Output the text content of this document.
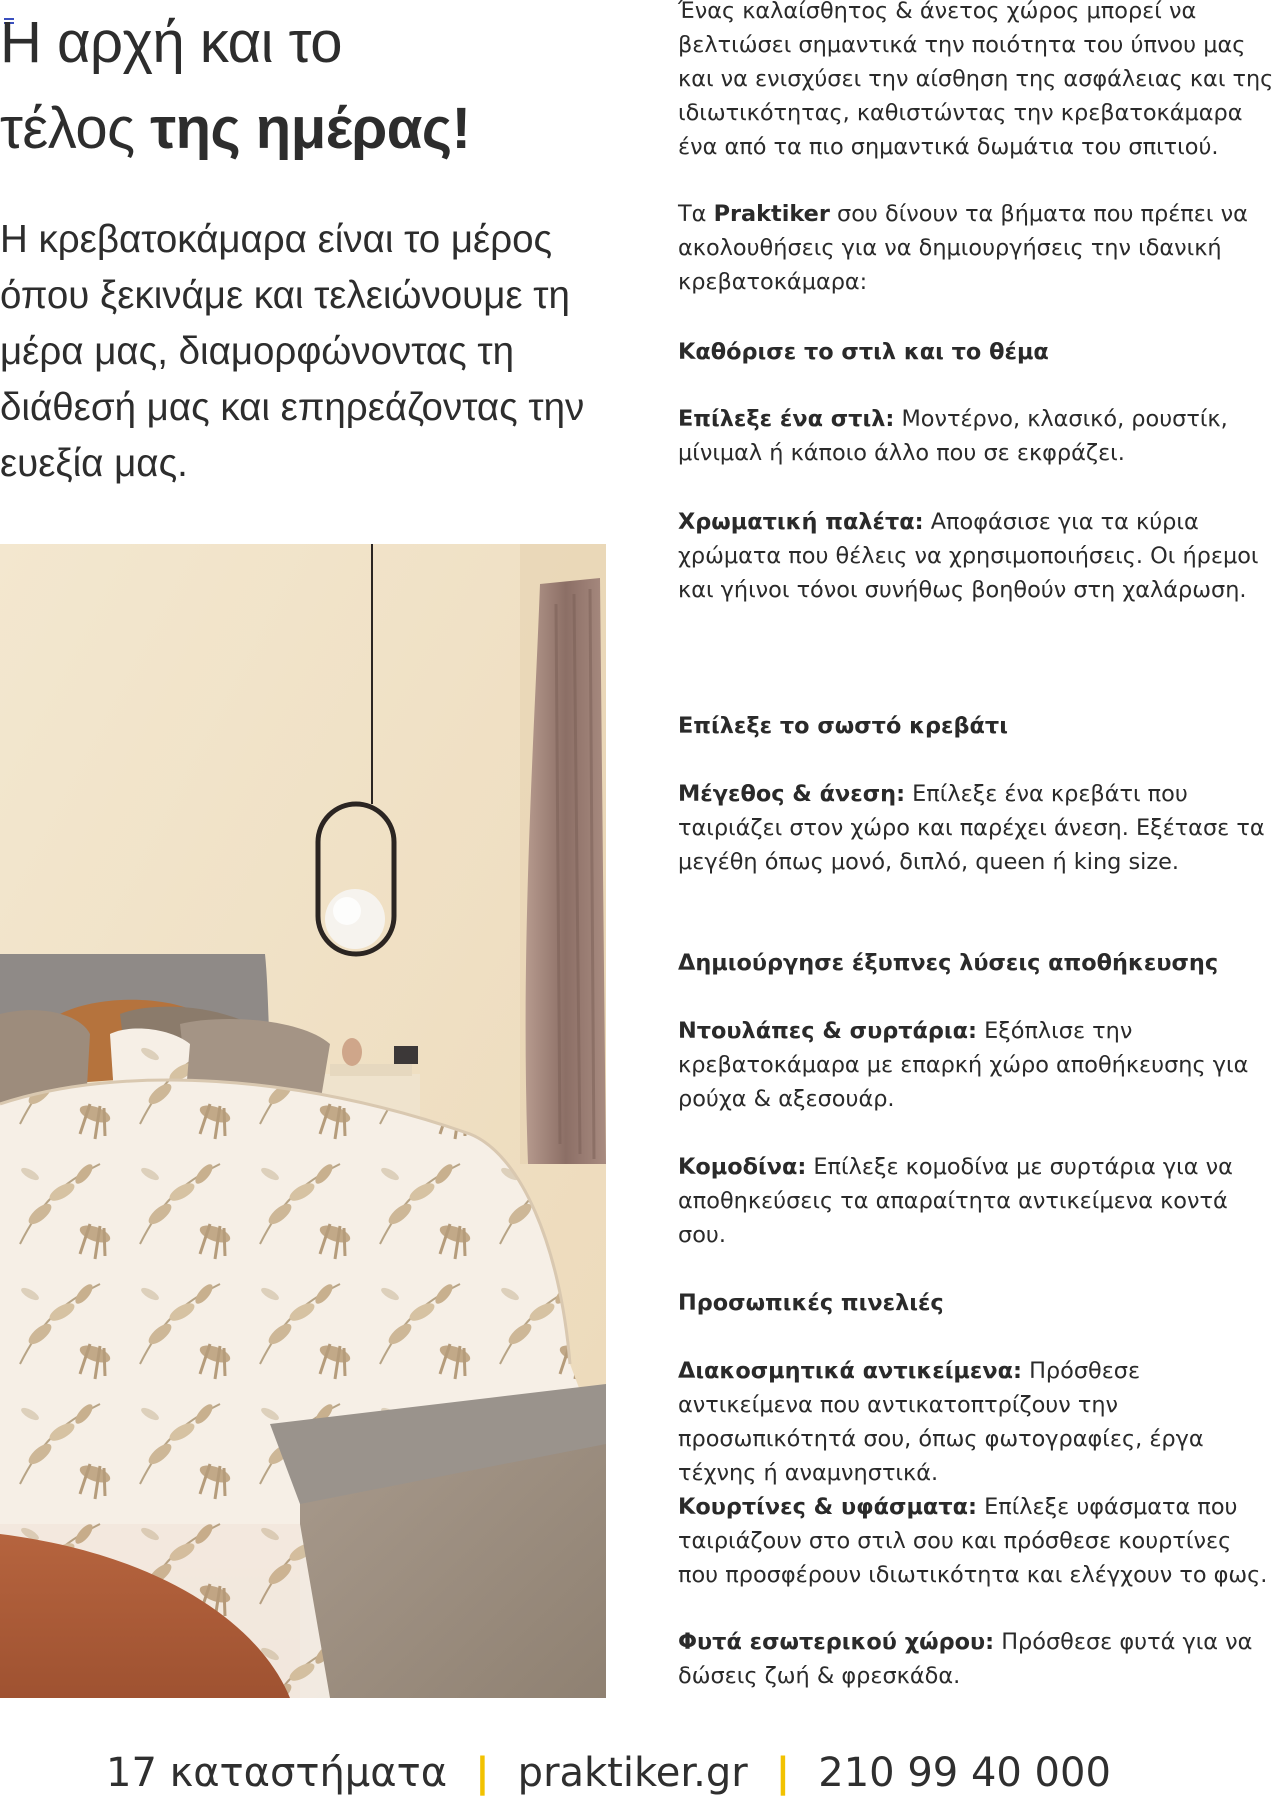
Η αρχή και το
τέλος της ημέρας!

Η κρεβατοκάμαρα είναι το μέρος όπου ξεκινάμε και τελειώνουμε τη μέρα μας, διαμορφώνοντας τη διάθεσή μας και επηρεάζοντας την ευεξία μας.

Ένας καλαίσθητος & άνετος χώρος μπορεί να βελτιώσει σημαντικά την ποιότητα του ύπνου μας και να ενισχύσει την αίσθηση της ασφάλειας και της ιδιωτικότητας, καθιστώντας την κρεβατοκάμαρα ένα από τα πιο σημαντικά δωμάτια του σπιτιού.

Τα Praktiker σου δίνουν τα βήματα που πρέπει να ακολουθήσεις για να δημιουργήσεις την ιδανική κρεβατοκάμαρα:

Καθόρισε το στιλ και το θέμα

Επίλεξε ένα στιλ: Μοντέρνο, κλασικό, ρουστίκ, μίνιμαλ ή κάποιο άλλο που σε εκφράζει.

Χρωματική παλέτα: Αποφάσισε για τα κύρια χρώματα που θέλεις να χρησιμοποιήσεις. Οι ήρεμοι και γήινοι τόνοι συνήθως βοηθούν στη χαλάρωση.

Επίλεξε το σωστό κρεβάτι

Μέγεθος & άνεση: Επίλεξε ένα κρεβάτι που ταιριάζει στον χώρο και παρέχει άνεση. Εξέτασε τα μεγέθη όπως μονό, διπλό, queen ή king size.

Δημιούργησε έξυπνες λύσεις αποθήκευσης

Ντουλάπες & συρτάρια: Εξόπλισε την κρεβατοκάμαρα με επαρκή χώρο αποθήκευσης για ρούχα & αξεσουάρ.

Κομοδίνα: Επίλεξε κομοδίνα με συρτάρια για να αποθηκεύσεις τα απαραίτητα αντικείμενα κοντά σου.

Προσωπικές πινελιές

Διακοσμητικά αντικείμενα: Πρόσθεσε αντικείμενα που αντικατοπτρίζουν την προσωπικότητά σου, όπως φωτογραφίες, έργα τέχνης ή αναμνηστικά.

Κουρτίνες & υφάσματα: Επίλεξε υφάσματα που ταιριάζουν στο στιλ σου και πρόσθεσε κουρτίνες που προσφέρουν ιδιωτικότητα και ελέγχουν το φως.

Φυτά εσωτερικού χώρου: Πρόσθεσε φυτά για να δώσεις ζωή & φρεσκάδα.

17 καταστήματα | praktiker.gr | 210 99 40 000
